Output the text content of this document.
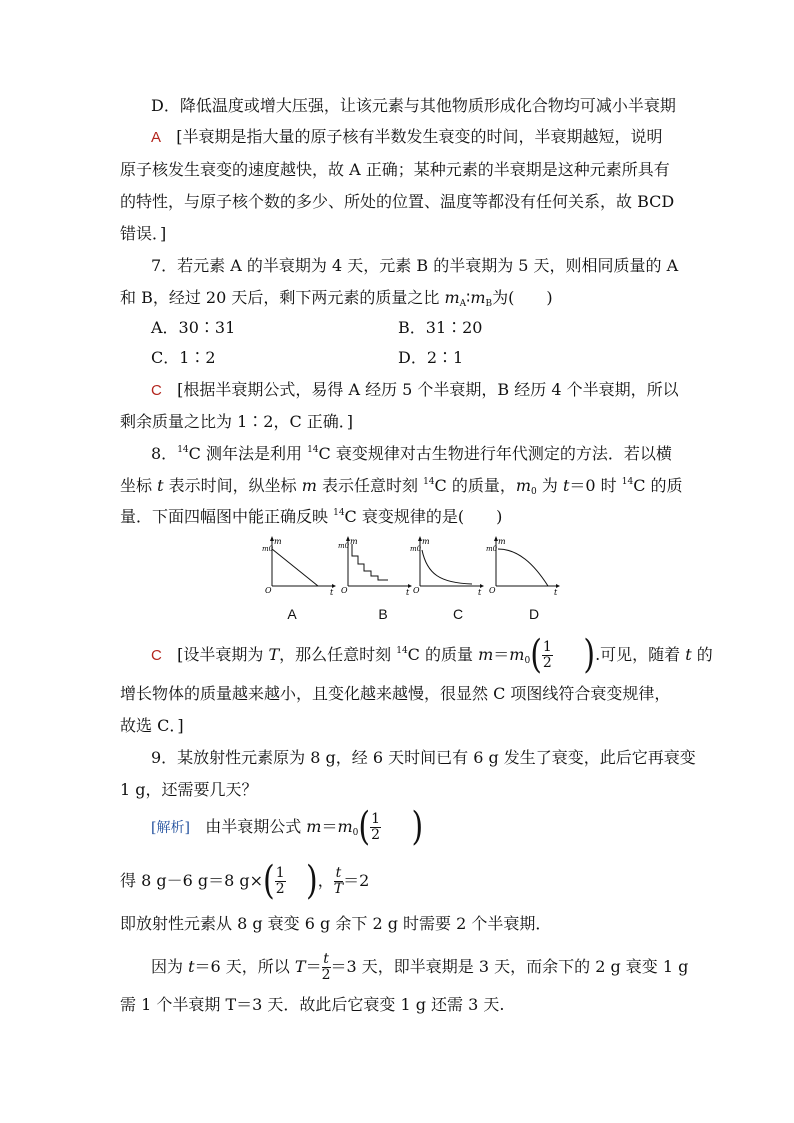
D．降低温度或增大压强，让该元素与其他物质形成化合物均可减小半衰期
A [半衰期是指大量的原子核有半数发生衰变的时间，半衰期越短，说明
原子核发生衰变的速度越快，故 A 正确；某种元素的半衰期是这种元素所具有
的特性，与原子核个数的多少、所处的位置、温度等都没有任何关系，故 BCD
错误．]
7．若元素 A 的半衰期为 4 天，元素 B 的半衰期为 5 天，则相同质量的 A
和 B，经过 20 天后，剩下两元素的质量之比 $m_A∶m_B$为(　　)
A．30∶31	B．31∶20
C．1∶2	D．2∶1
C [根据半衰期公式，易得 A 经历 5 个半衰期，B 经历 4 个半衰期，所以
剩余质量之比为 1∶2，C 正确．]
8．$^{14}$C 测年法是利用 $^{14}$C 衰变规律对古生物进行年代测定的方法．若以横
坐标 t 表示时间，纵坐标 m 表示任意时刻 $^{14}$C 的质量，$m_0$ 为 t＝0 时 $^{14}$C 的质
量．下面四幅图中能正确反映 $^{14}$C 衰变规律的是(　　)
m
m0
O	t
m
m0
O	t
m
m0
O	t
m
m0
O	t
A	B	C	D
C [设半衰期为 T，那么任意时刻 $^{14}$C 的质量 $m=m_0( \frac{1}{2}$ ).可见，随着 t 的
增长物体的质量越来越小，且变化越来越慢，很显然 C 项图线符合衰变规律，
故选 C．]
9．某放射性元素原为 8 g，经 6 天时间已有 6 g 发生了衰变，此后它再衰变
1 g，还需要几天？
[解析] 由半衰期公式 $m=m_0( \frac{1}{2}$ )
得 8 g－6 g＝8 $g\times( \frac{1}{2}$ )， $\frac{t}{T} =2$
即放射性元素从 8 g 衰变 6 g 余下 2 g 时需要 2 个半衰期．
因为 t＝6 天，所以 $T= \frac{t}{2} =3$ 天，即半衰期是 3 天，而余下的 2 g 衰变 1 g
需 1 个半衰期 T＝3 天．故此后它衰变 1 g 还需 3 天.
